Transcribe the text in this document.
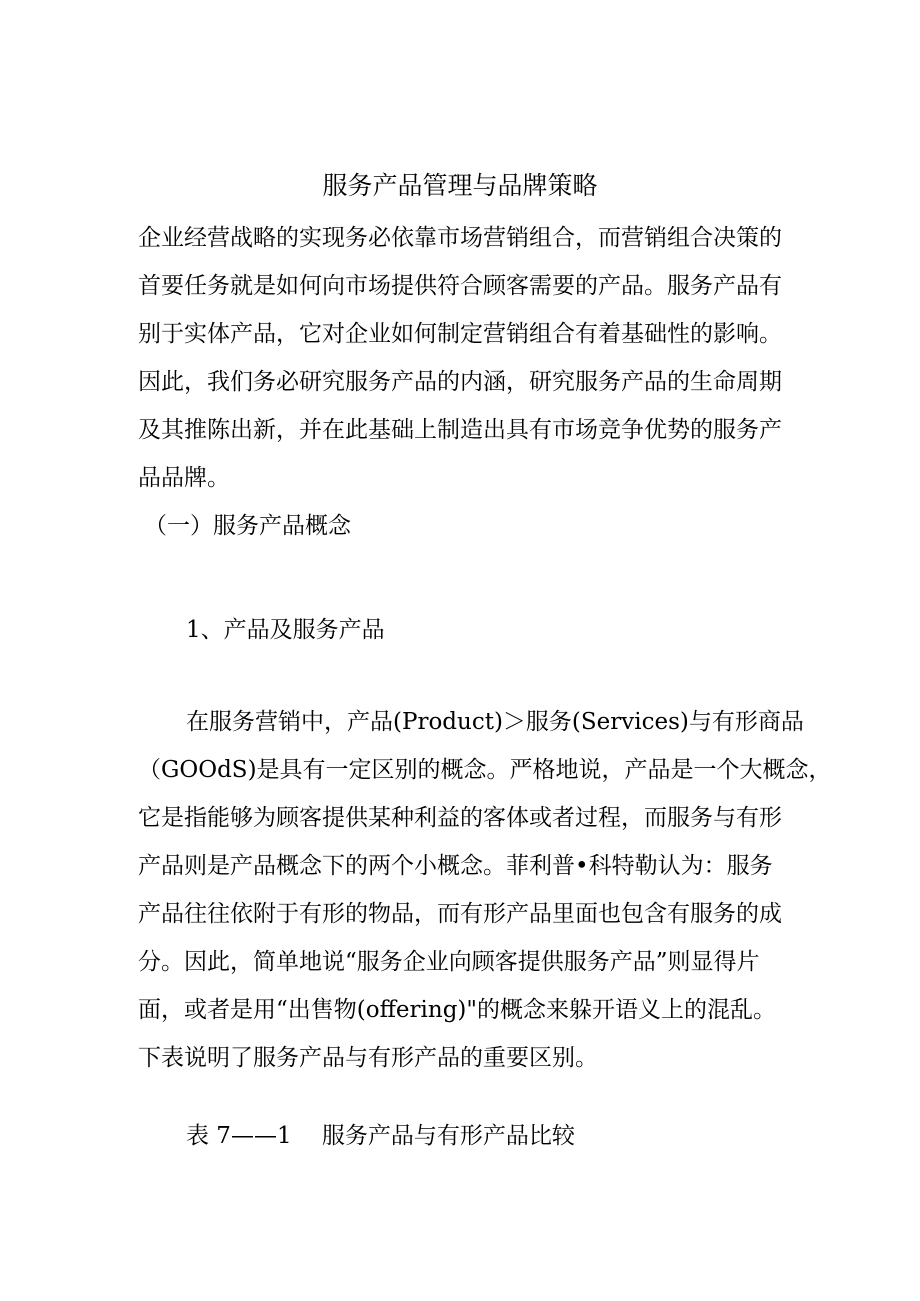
服务产品管理与品牌策略
企业经营战略的实现务必依靠市场营销组合，而营销组合决策的
首要任务就是如何向市场提供符合顾客需要的产品。服务产品有
别于实体产品，它对企业如何制定营销组合有着基础性的影响。
因此，我们务必研究服务产品的内涵，研究服务产品的生命周期
及其推陈出新，并在此基础上制造出具有市场竞争优势的服务产
品品牌。
（一）服务产品概念
1、产品及服务产品
在服务营销中，产品(Product)＞服务(Services)与有形商品
（GOOdS)是具有一定区别的概念。严格地说，产品是一个大概念，
它是指能够为顾客提供某种利益的客体或者过程，而服务与有形
产品则是产品概念下的两个小概念。菲利普•科特勒认为：服务
产品往往依附于有形的物品，而有形产品里面也包含有服务的成
分。因此，简单地说“服务企业向顾客提供服务产品”则显得片
面，或者是用“出售物(offering)"的概念来躲开语义上的混乱。
下表说明了服务产品与有形产品的重要区别。
表 7——1　 服务产品与有形产品比较
